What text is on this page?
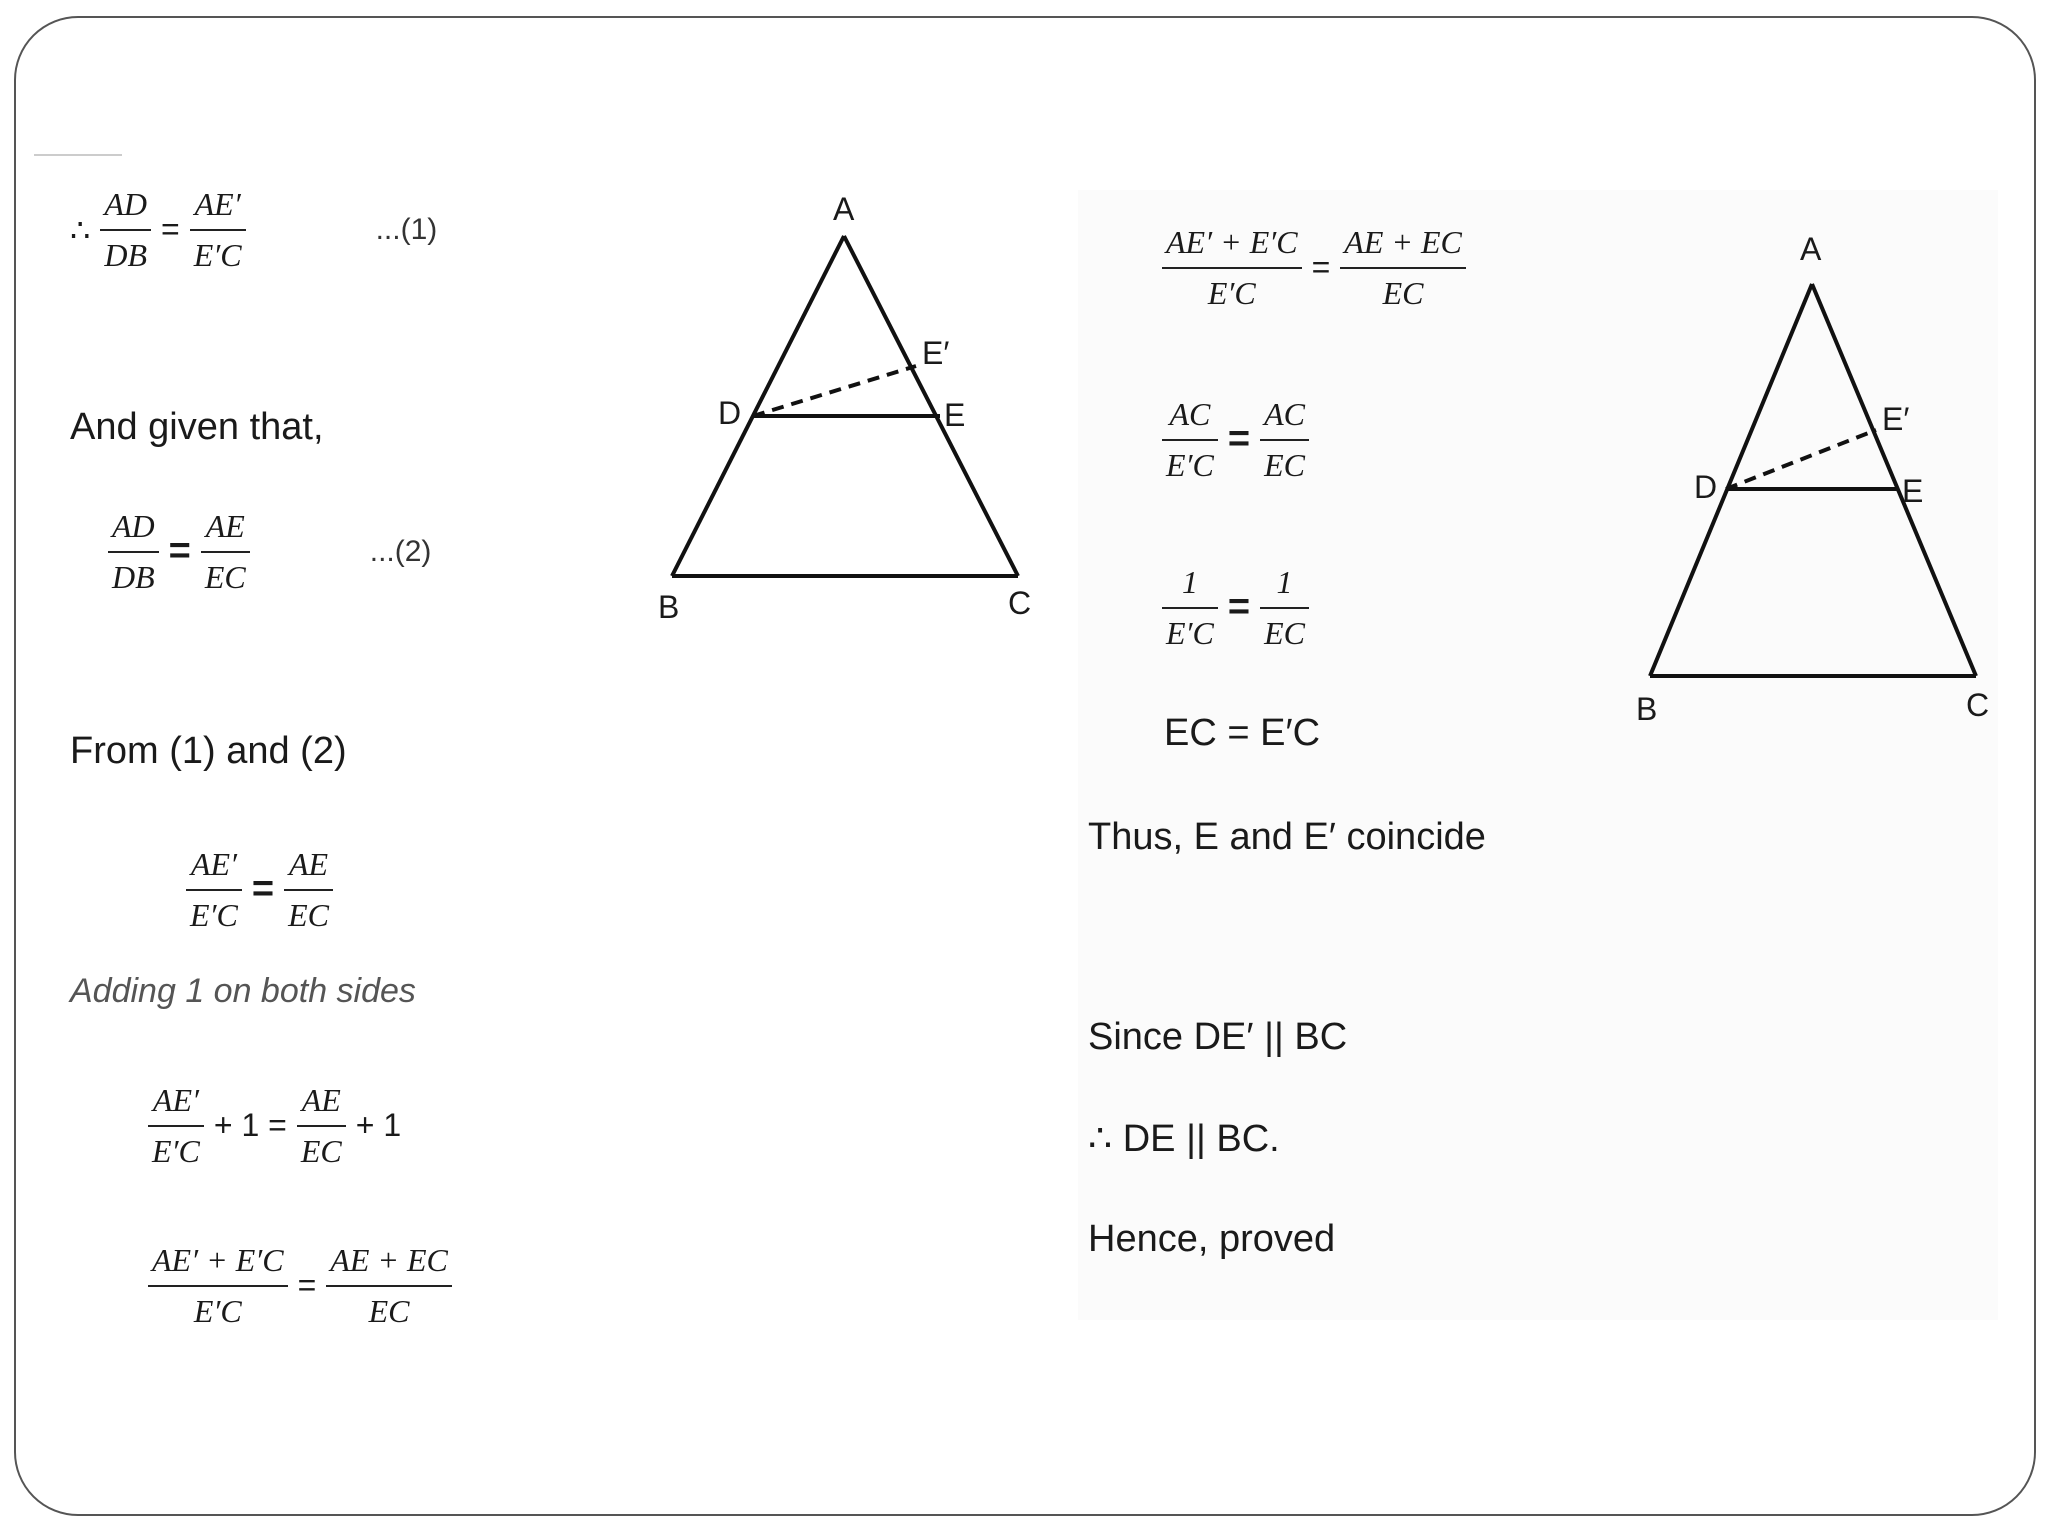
∴ $\frac{AD}{DB} = \frac{AE'}{E'C}$	...(1)
And given that,
$\frac{AD}{DB} = \frac{AE}{EC}$	...(2)
From (1) and (2)
$\frac{AE'}{E'C} = \frac{AE}{EC}$
Adding 1 on both sides
$\frac{AE'}{E'C} + 1 = \frac{AE}{EC} + 1$
$\frac{AE' + E'C}{E'C} = \frac{AE + EC}{EC}$
A
B	C
D	E
E′
$\frac{AE' + E'C}{E'C} = \frac{AE + EC}{EC}$
$\frac{AC}{E'C} = \frac{AC}{EC}$
$\frac{1}{E'C} = \frac{1}{EC}$
EC = E′C
Thus, E and E′ coincide
Since DE′ || BC
∴ DE || BC.
Hence, proved
A
B	C
D	E
E′
